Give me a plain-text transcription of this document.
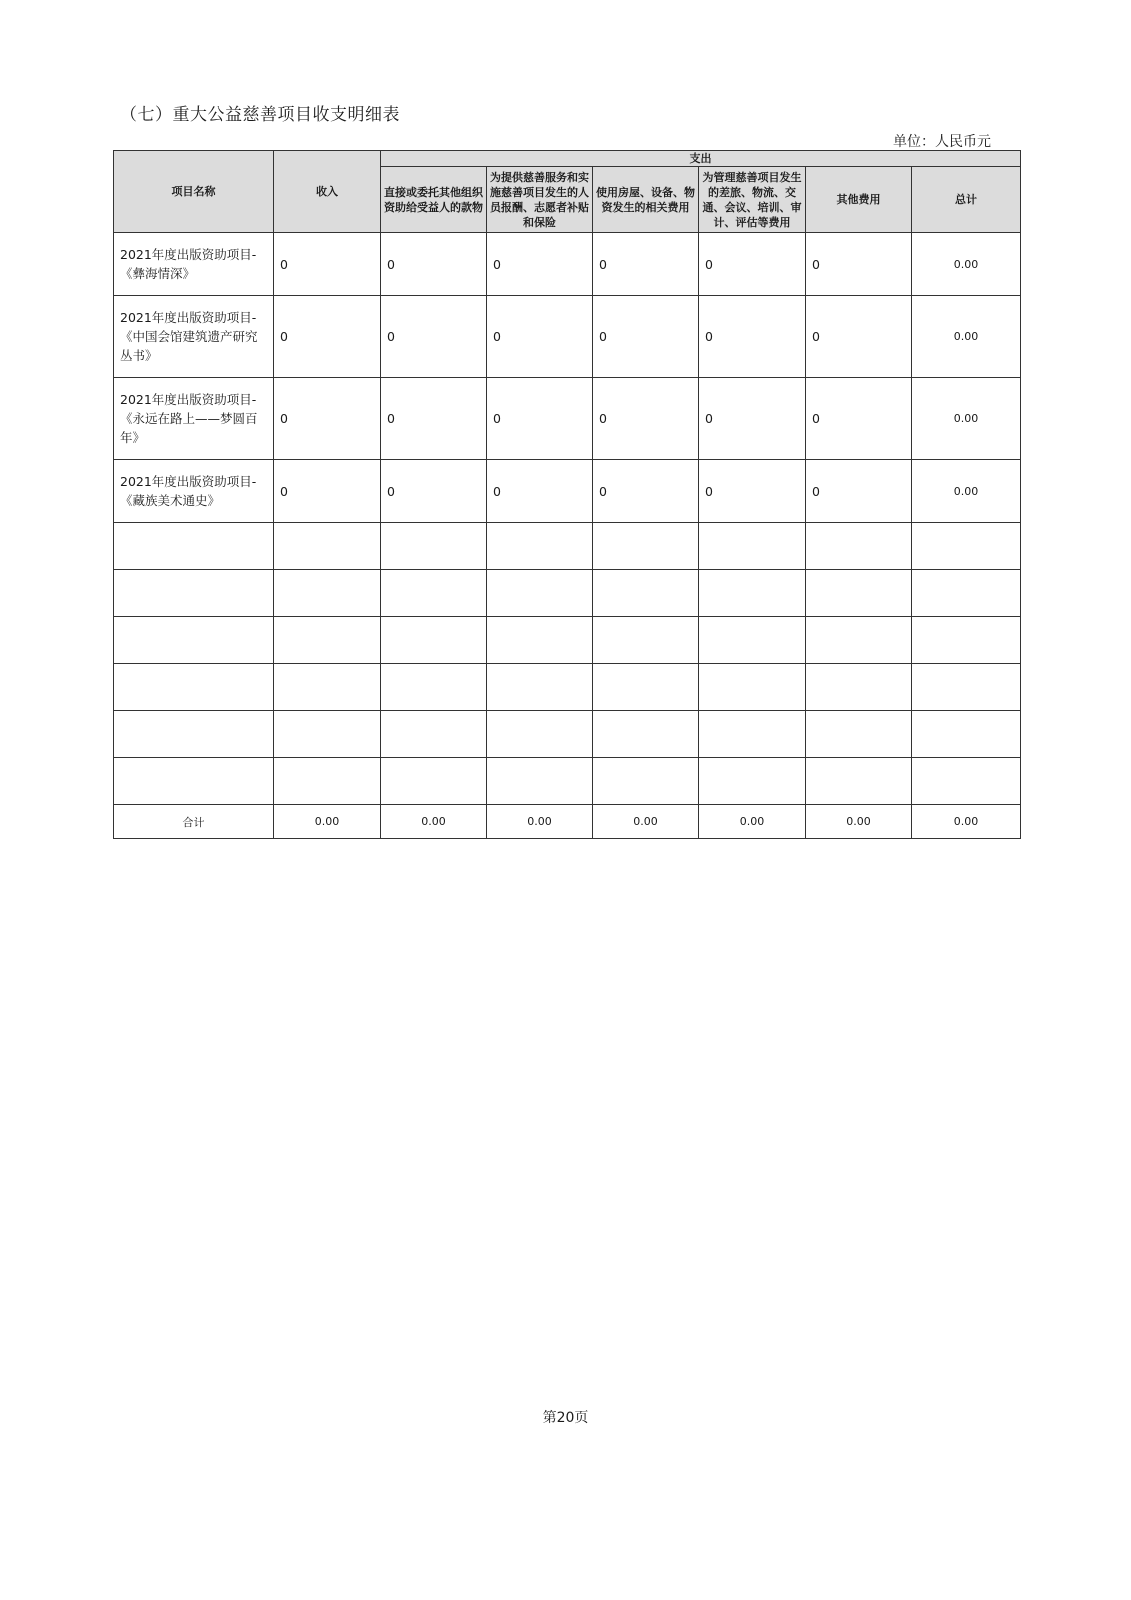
（七）重大公益慈善项目收支明细表
单位：人民币元
项目名称	收入	支出					
		直接或委托其他组织资助给受益人的款物	为提供慈善服务和实施慈善项目发生的人员报酬、志愿者补贴和保险	使用房屋、设备、物资发生的相关费用	为管理慈善项目发生的差旅、物流、交通、会议、培训、审计、评估等费用	其他费用	总计
2021年度出版资助项目-《彝海情深》	0	0	0	0	0	0	0.00
2021年度出版资助项目-《中国会馆建筑遗产研究丛书》	0	0	0	0	0	0	0.00
2021年度出版资助项目-《永远在路上——梦圆百年》	0	0	0	0	0	0	0.00
2021年度出版资助项目-《藏族美术通史》	0	0	0	0	0	0	0.00

合计	0.00	0.00	0.00	0.00	0.00	0.00	0.00
第20页
